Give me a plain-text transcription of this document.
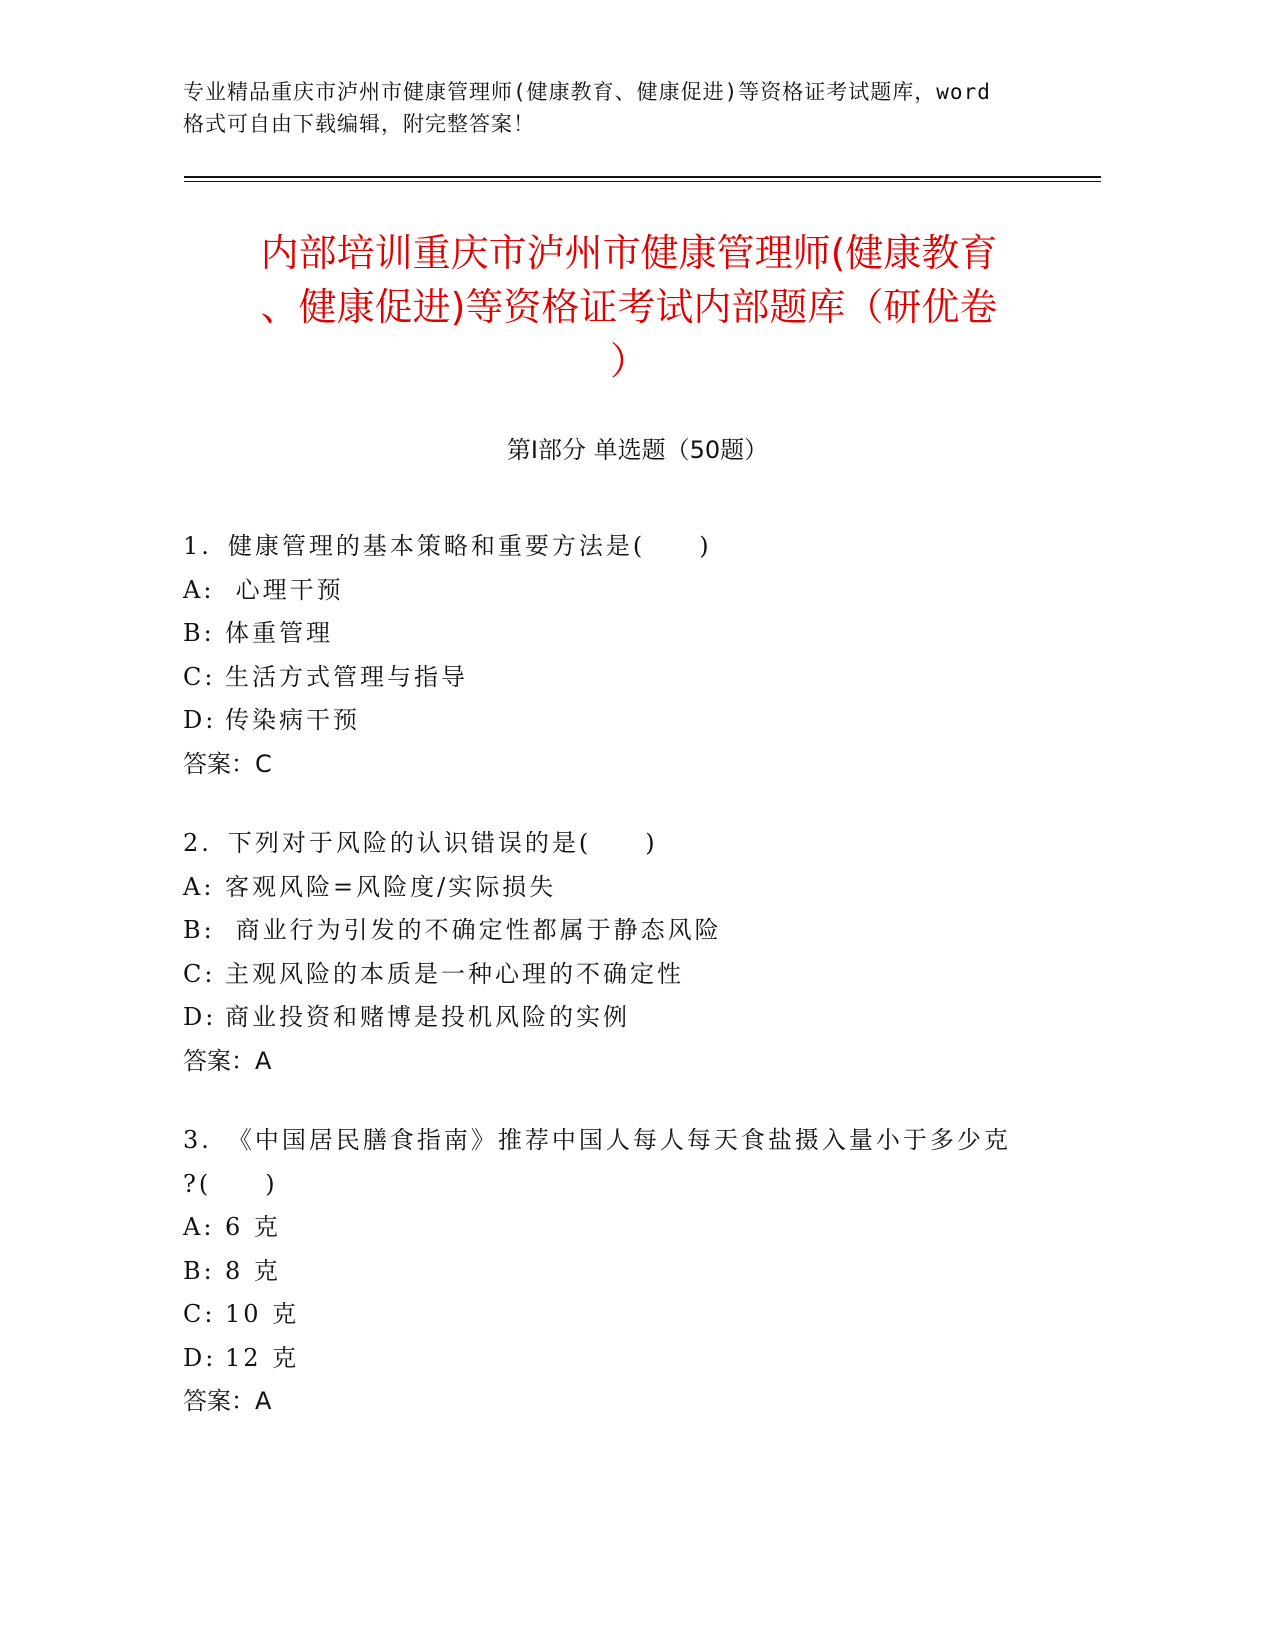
专业精品重庆市泸州市健康管理师(健康教育、健康促进)等资格证考试题库，word
格式可自由下载编辑，附完整答案！
内部培训重庆市泸州市健康管理师(健康教育
、健康促进)等资格证考试内部题库（研优卷
）
第Ⅰ部分 单选题（50题）
1. 健康管理的基本策略和重要方法是(　　)
A: 心理干预
B: 体重管理
C: 生活方式管理与指导
D: 传染病干预
答案：C
2. 下列对于风险的认识错误的是(　　)
A: 客观风险=风险度/实际损失
B: 商业行为引发的不确定性都属于静态风险
C: 主观风险的本质是一种心理的不确定性
D: 商业投资和赌博是投机风险的实例
答案：A
3. 《中国居民膳食指南》推荐中国人每人每天食盐摄入量小于多少克
?(　　)
A: 6 克
B: 8 克
C: 10 克
D: 12 克
答案：A
